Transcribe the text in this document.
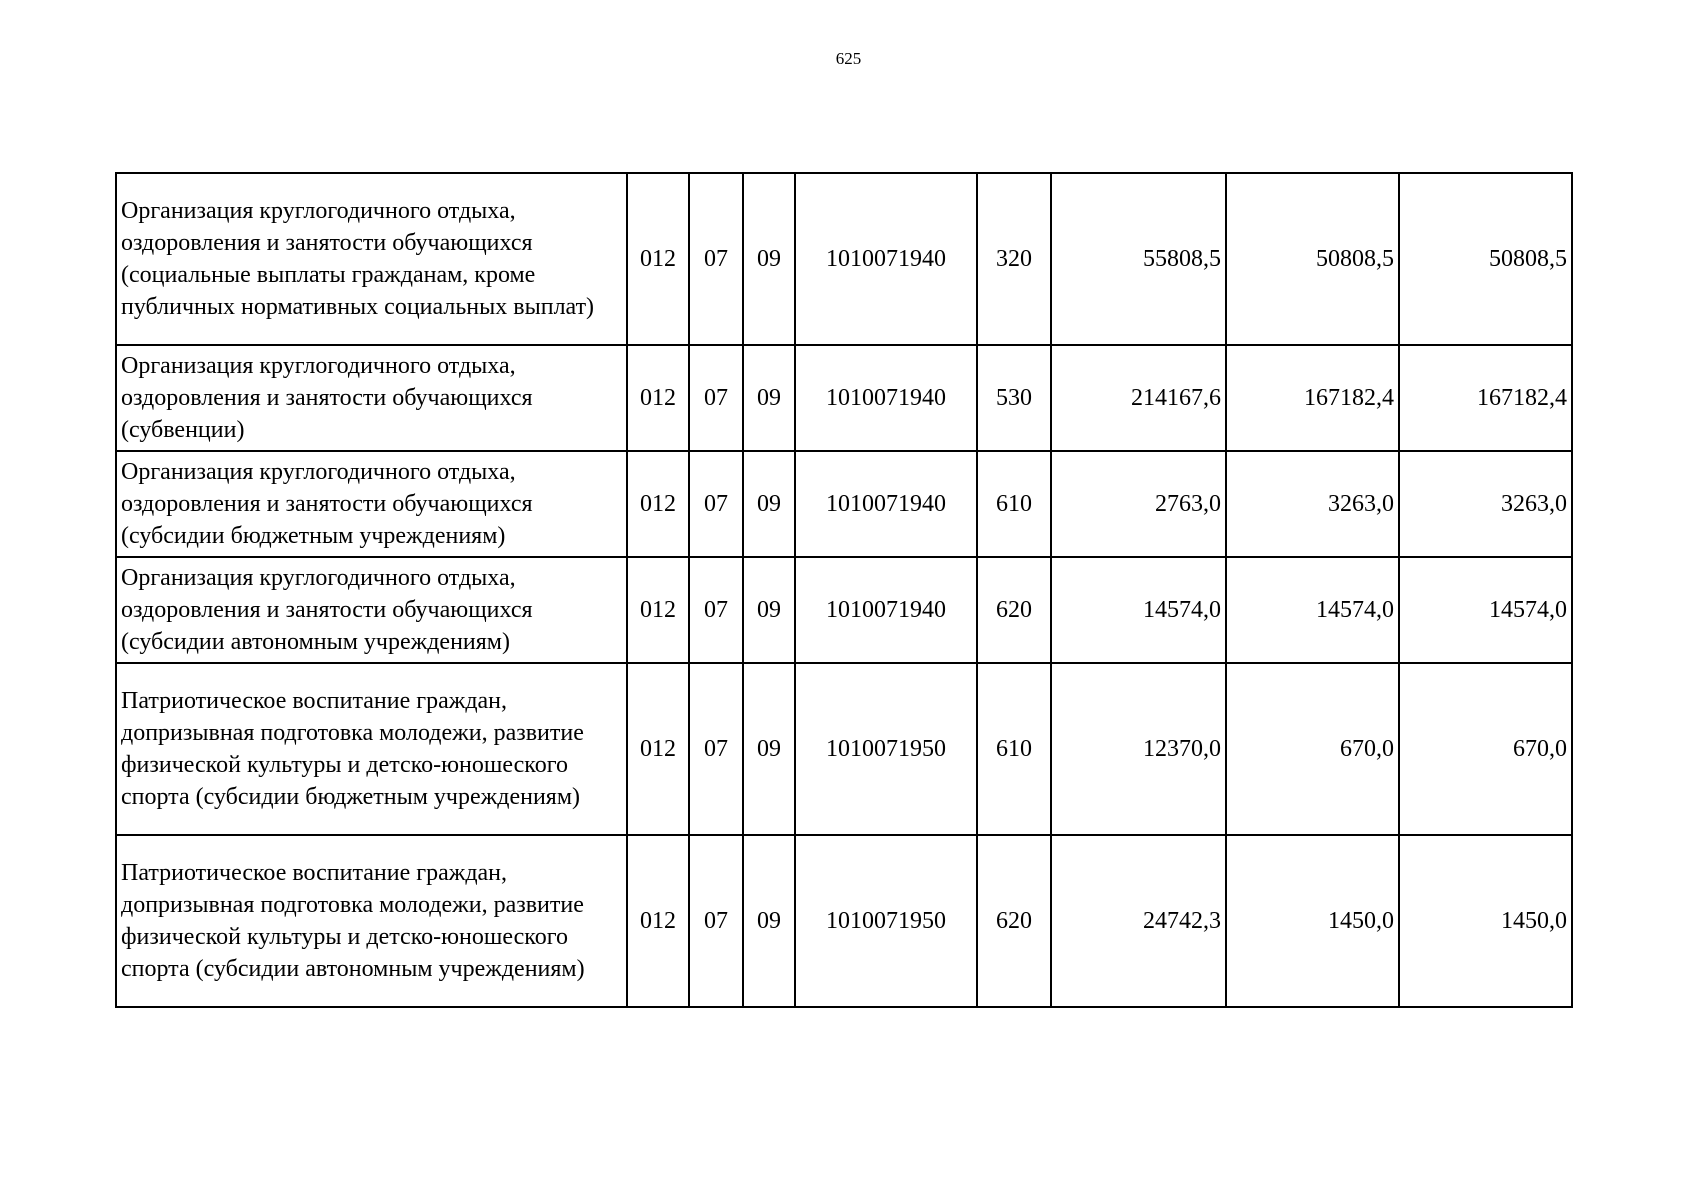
625
Организация круглогодичного отдыха, оздоровления и занятости обучающихся (социальные выплаты гражданам, кроме публичных нормативных социальных выплат)	012	07	09	1010071940	320	55808,5	50808,5	50808,5
Организация круглогодичного отдыха, оздоровления и занятости обучающихся (субвенции)	012	07	09	1010071940	530	214167,6	167182,4	167182,4
Организация круглогодичного отдыха, оздоровления и занятости обучающихся (субсидии бюджетным учреждениям)	012	07	09	1010071940	610	2763,0	3263,0	3263,0
Организация круглогодичного отдыха, оздоровления и занятости обучающихся (субсидии автономным учреждениям)	012	07	09	1010071940	620	14574,0	14574,0	14574,0
Патриотическое воспитание граждан, допризывная подготовка молодежи, развитие физической культуры и детско-юношеского спорта (субсидии бюджетным учреждениям)	012	07	09	1010071950	610	12370,0	670,0	670,0
Патриотическое воспитание граждан, допризывная подготовка молодежи, развитие физической культуры и детско-юношеского спорта (субсидии автономным учреждениям)	012	07	09	1010071950	620	24742,3	1450,0	1450,0
